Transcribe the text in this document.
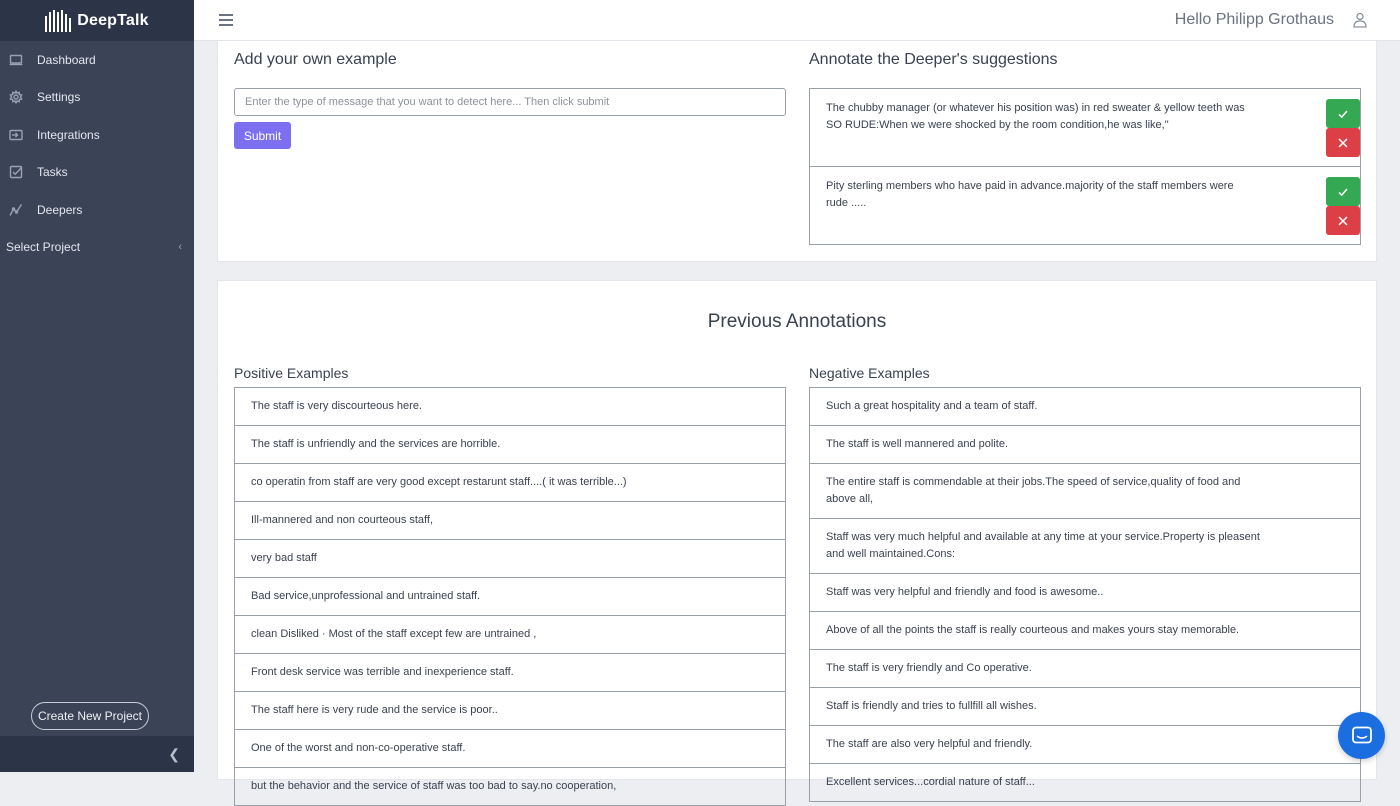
DeepTalk
Dashboard
Settings
Integrations
Tasks
Deepers
Select Project	‹
Create New Project
❮
Hello Philipp Grothaus
Add your own example
Enter the type of message that you want to detect here... Then click submit
Submit
Annotate the Deeper's suggestions
The chubby manager (or whatever his position was) in red sweater & yellow teeth was SO RUDE:When we were shocked by the room condition,he was like,"
Pity sterling members who have paid in advance.majority of the staff members were rude .....
Previous Annotations
Positive Examples	Negative Examples
The staff is very discourteous here.
The staff is unfriendly and the services are horrible.
co operatin from staff are very good except restarunt staff....( it was terrible...)
Ill-mannered and non courteous staff,
very bad staff
Bad service,unprofessional and untrained staff.
clean Disliked · Most of the staff except few are untrained ,
Front desk service was terrible and inexperience staff.
The staff here is very rude and the service is poor..
One of the worst and non-co-operative staff.
but the behavior and the service of staff was too bad to say.no cooperation,
Such a great hospitality and a team of staff.
The staff is well mannered and polite.
The entire staff is commendable at their jobs.The speed of service,quality of food and above all,
Staff was very much helpful and available at any time at your service.Property is pleasent and well maintained.Cons:
Staff was very helpful and friendly and food is awesome..
Above of all the points the staff is really courteous and makes yours stay memorable.
The staff is very friendly and Co operative.
Staff is friendly and tries to fullfill all wishes.
The staff are also very helpful and friendly.
Excellent services...cordial nature of staff...
